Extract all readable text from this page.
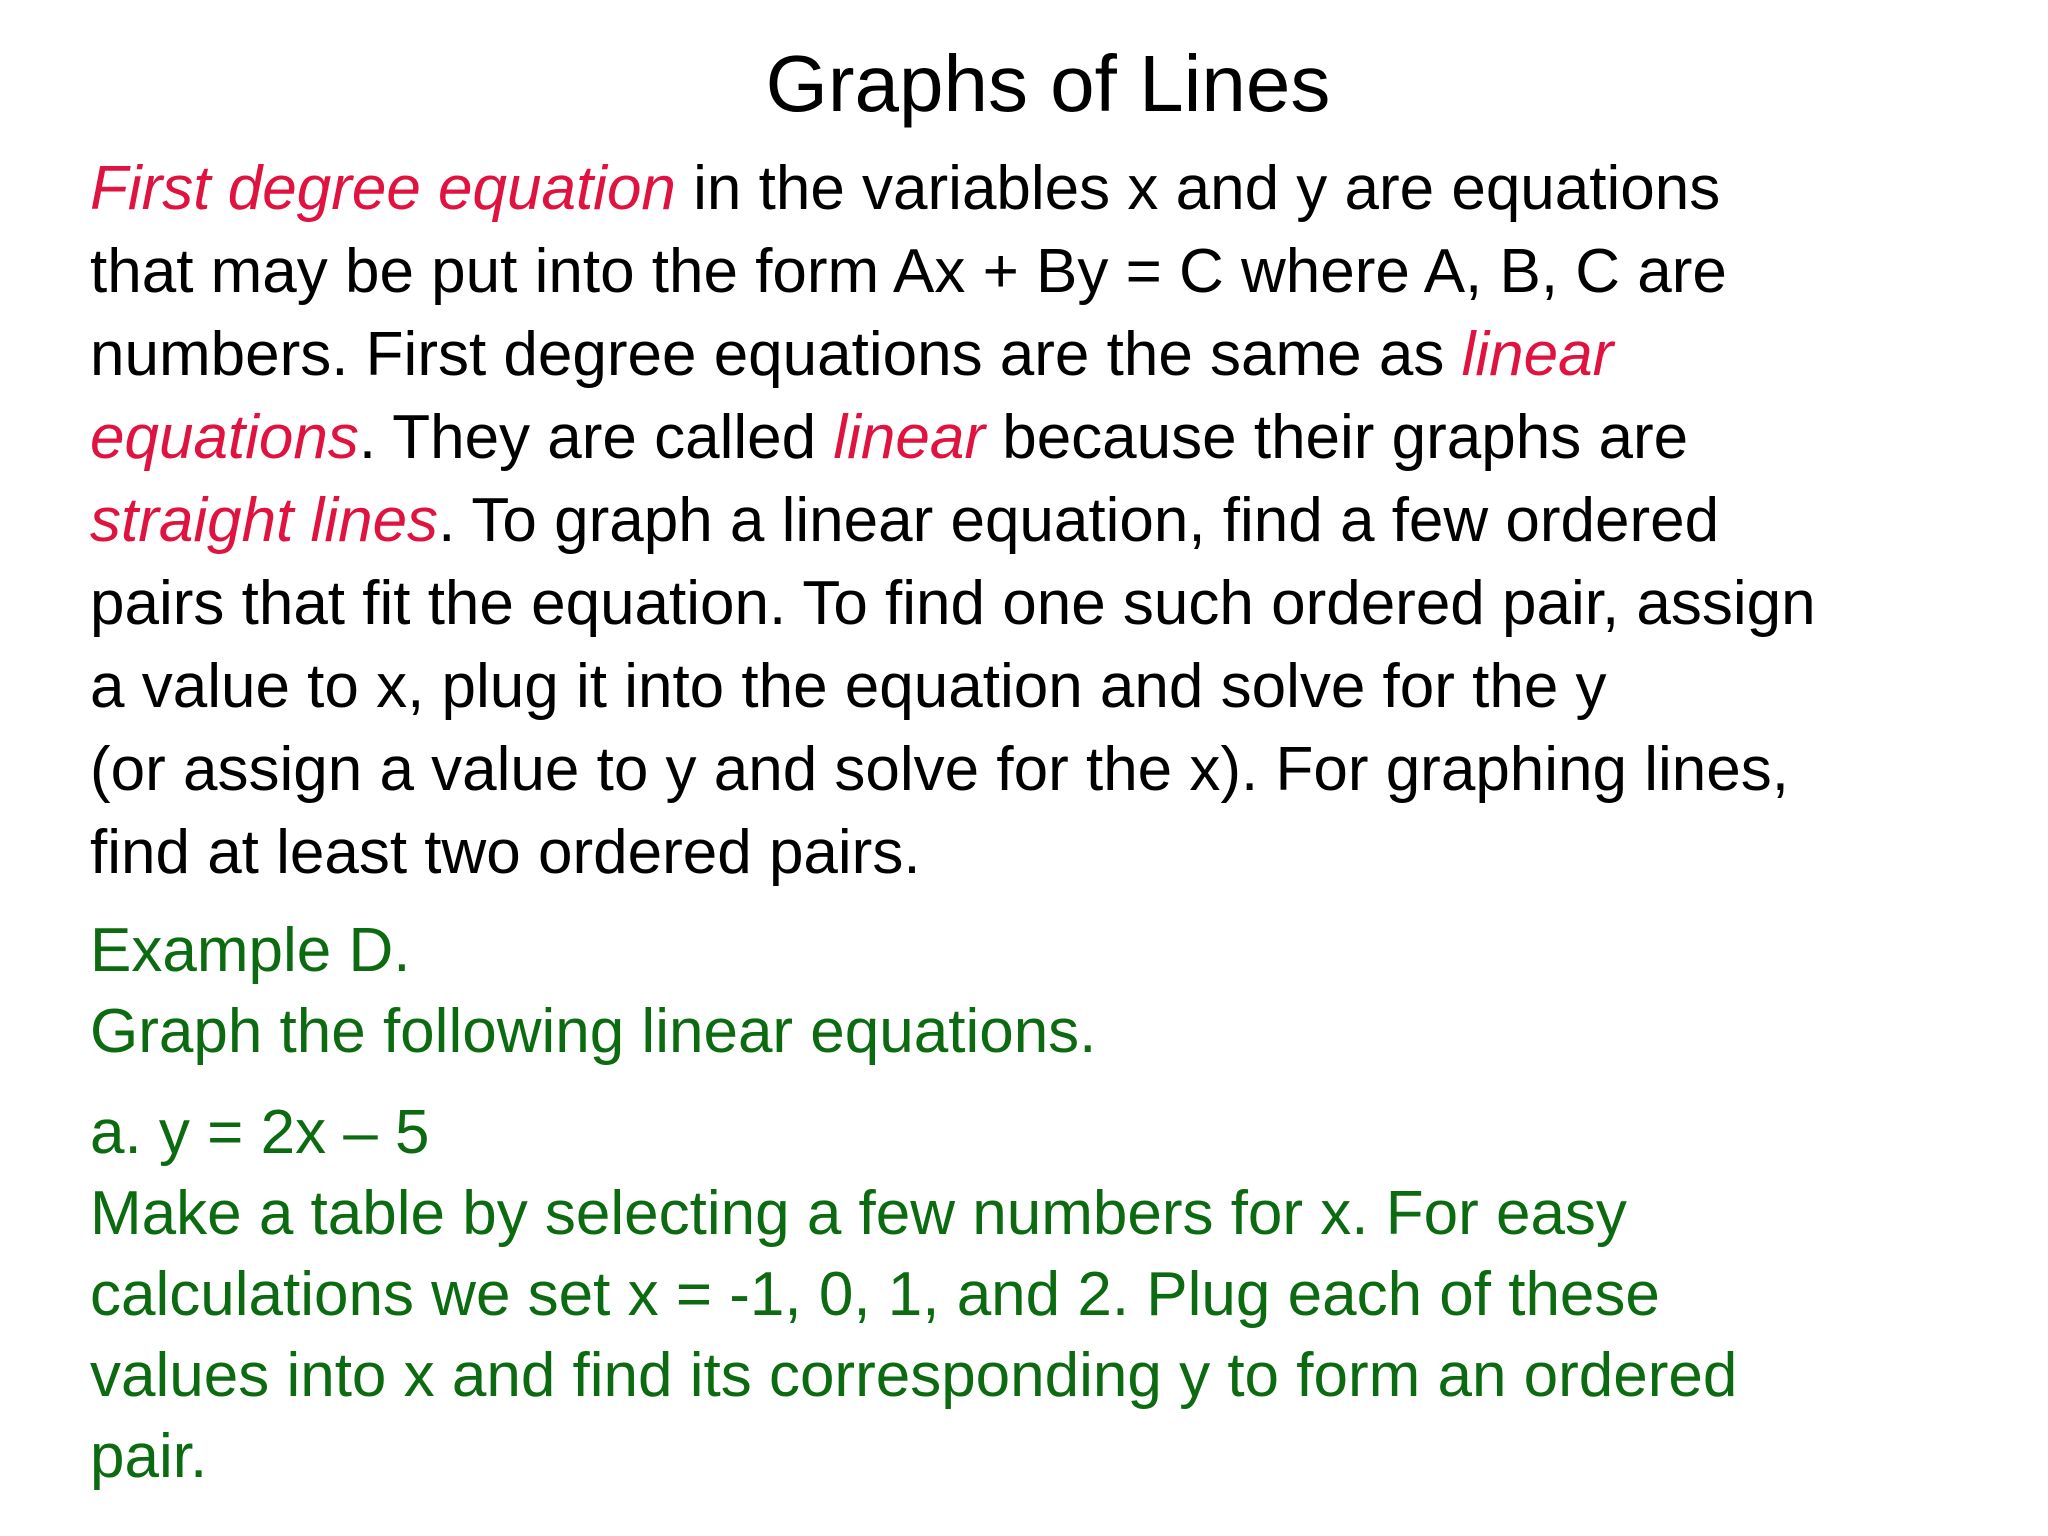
Graphs of Lines
First degree equation in the variables x and y are equations
that may be put into the form Ax + By = C where A, B, C are
numbers. First degree equations are the same as linear
equations. They are called linear because their graphs are
straight lines. To graph a linear equation, find a few ordered
pairs that fit the equation. To find one such ordered pair, assign
a value to x, plug it into the equation and solve for the y
(or assign a value to y and solve for the x). For graphing lines,
find at least two ordered pairs.
Example D.
Graph the following linear equations.
a. y = 2x – 5
Make a table by selecting a few numbers for x. For easy
calculations we set x = -1, 0, 1, and 2. Plug each of these
values into x and find its corresponding y to form an ordered
pair.
